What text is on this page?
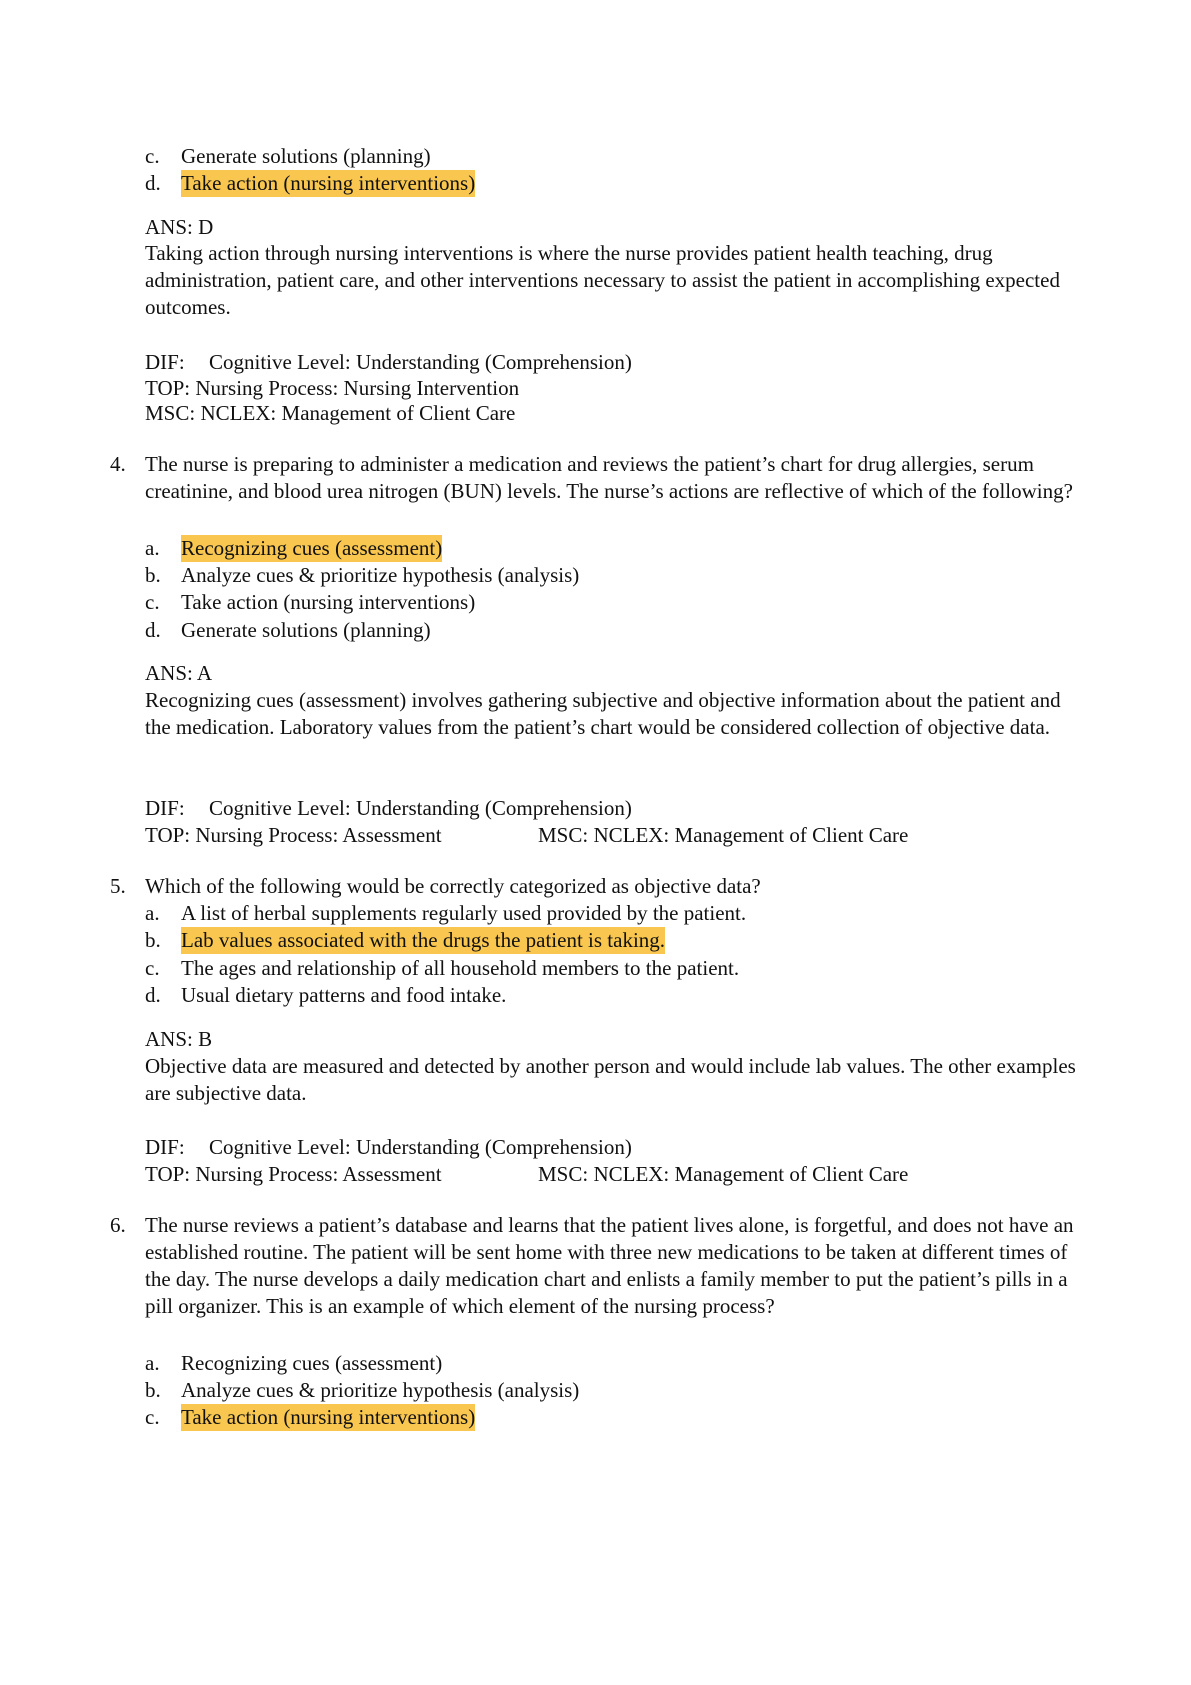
c. Generate solutions (planning)
d. Take action (nursing interventions)
ANS: D
Taking action through nursing interventions is where the nurse provides patient health teaching, drug administration, patient care, and other interventions necessary to assist the patient in accomplishing expected outcomes.
DIF: Cognitive Level: Understanding (Comprehension)
TOP: Nursing Process: Nursing Intervention
MSC: NCLEX: Management of Client Care
4. The nurse is preparing to administer a medication and reviews the patient’s chart for drug allergies, serum creatinine, and blood urea nitrogen (BUN) levels. The nurse’s actions are reflective of which of the following?
a. Recognizing cues (assessment)
b. Analyze cues & prioritize hypothesis (analysis)
c. Take action (nursing interventions)
d. Generate solutions (planning)
ANS: A
Recognizing cues (assessment) involves gathering subjective and objective information about the patient and the medication. Laboratory values from the patient’s chart would be considered collection of objective data.
DIF: Cognitive Level: Understanding (Comprehension)
TOP: Nursing Process: Assessment	MSC: NCLEX: Management of Client Care
5. Which of the following would be correctly categorized as objective data?
a. A list of herbal supplements regularly used provided by the patient.
b. Lab values associated with the drugs the patient is taking.
c. The ages and relationship of all household members to the patient.
d. Usual dietary patterns and food intake.
ANS: B
Objective data are measured and detected by another person and would include lab values. The other examples are subjective data.
DIF: Cognitive Level: Understanding (Comprehension)
TOP: Nursing Process: Assessment	MSC: NCLEX: Management of Client Care
6. The nurse reviews a patient’s database and learns that the patient lives alone, is forgetful, and does not have an established routine. The patient will be sent home with three new medications to be taken at different times of the day. The nurse develops a daily medication chart and enlists a family member to put the patient’s pills in a pill organizer. This is an example of which element of the nursing process?
a. Recognizing cues (assessment)
b. Analyze cues & prioritize hypothesis (analysis)
c. Take action (nursing interventions)
